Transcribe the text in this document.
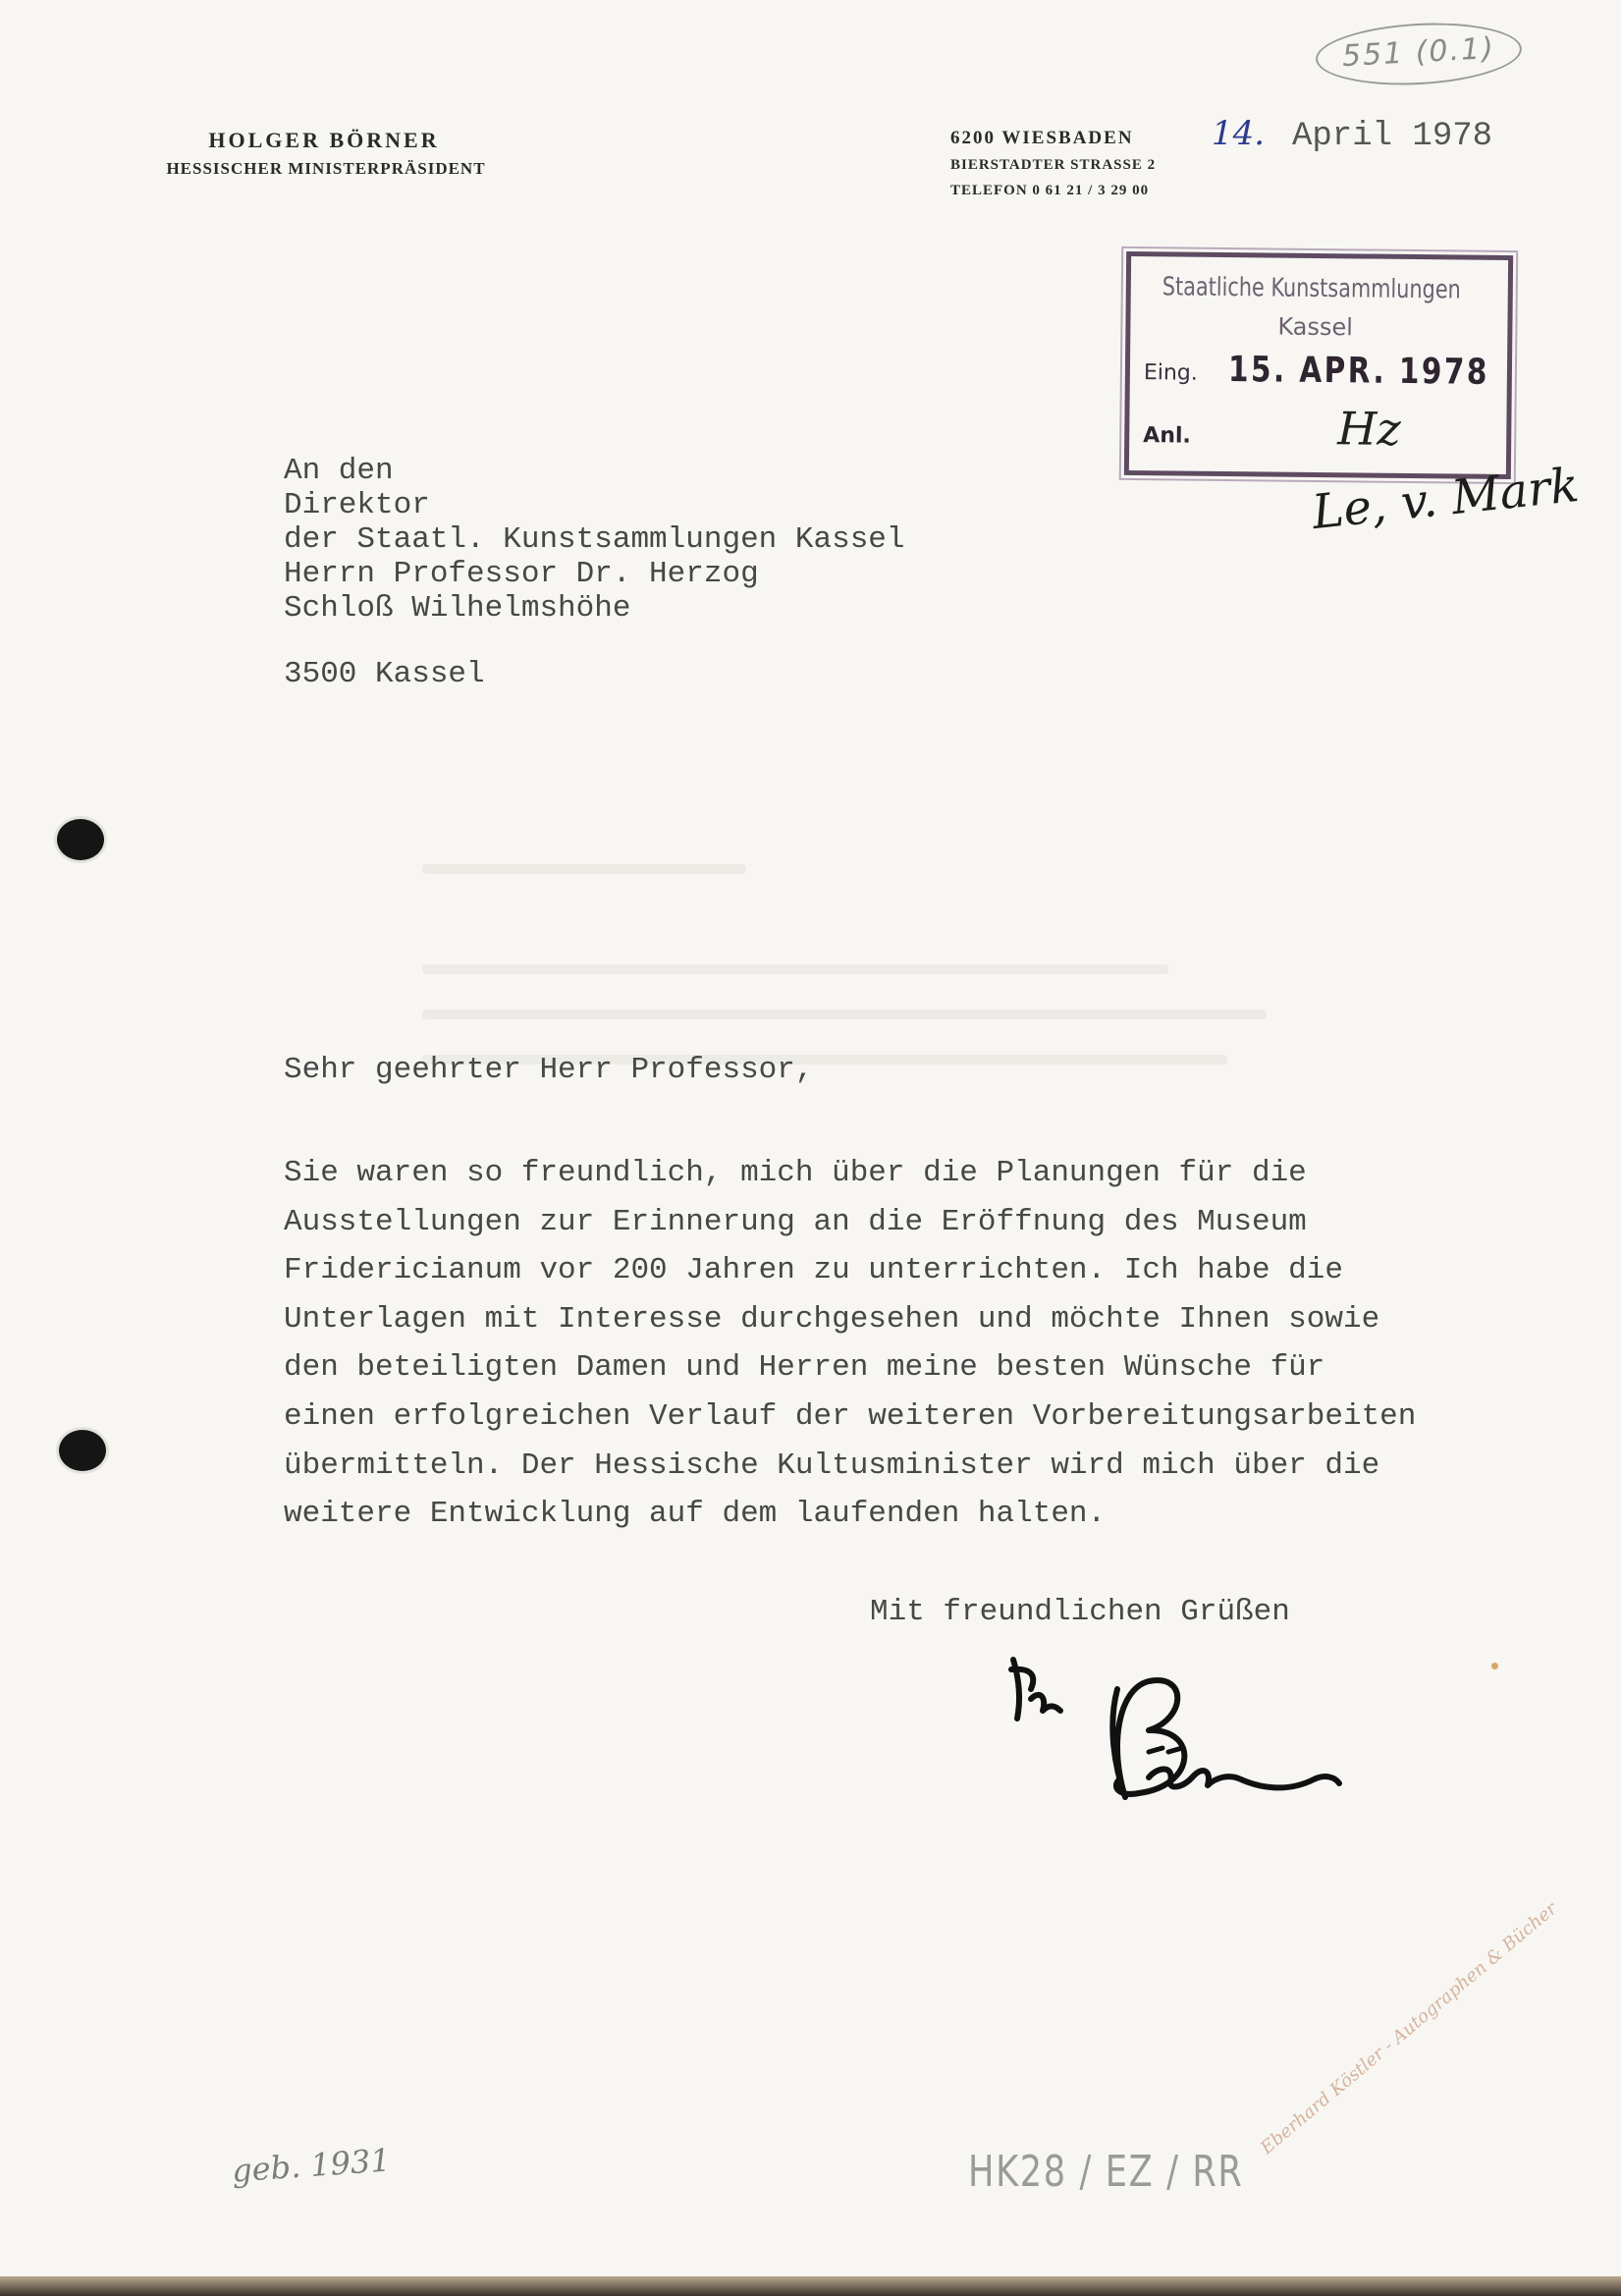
HOLGER BÖRNER
HESSISCHER MINISTERPRÄSIDENT
6200 WIESBADEN
BIERSTADTER STRASSE 2
TELEFON 0 61 21 / 3 29 00
14. April 1978
551 (0.1)
Staatliche Kunstsammlungen
Kassel
Eing. 15. APR. 1978
Anl.	Hz
Le, v. Mark
An den
Direktor
der Staatl. Kunstsammlungen Kassel
Herrn Professor Dr. Herzog
Schloß Wilhelmshöhe
3500 Kassel
Sehr geehrter Herr Professor,
Sie waren so freundlich, mich über die Planungen für die
Ausstellungen zur Erinnerung an die Eröffnung des Museum
Fridericianum vor 200 Jahren zu unterrichten. Ich habe die
Unterlagen mit Interesse durchgesehen und möchte Ihnen sowie
den beteiligten Damen und Herren meine besten Wünsche für
einen erfolgreichen Verlauf der weiteren Vorbereitungsarbeiten
übermitteln. Der Hessische Kultusminister wird mich über die
weitere Entwicklung auf dem laufenden halten.
Mit freundlichen Grüßen
geb. 1931	HK28 / EZ / RR
Eberhard Köstler - Autographen & Bücher
